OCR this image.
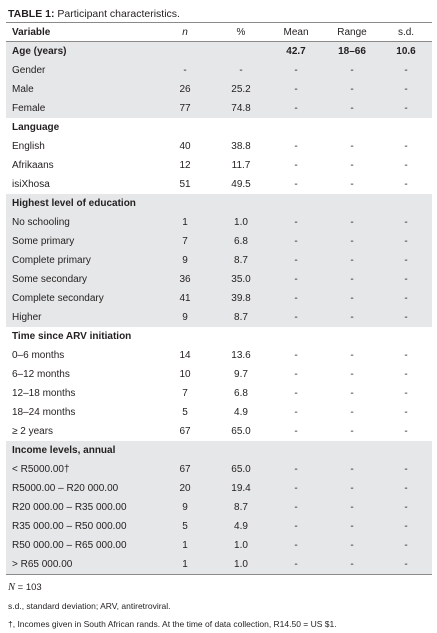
TABLE 1: Participant characteristics.
Variable	n	%	Mean	Range	s.d.
Age (years)			42.7	18–66	10.6
Gender	-	-	-	-	-
Male	26	25.2	-	-	-
Female	77	74.8	-	-	-
Language					
English	40	38.8	-	-	-
Afrikaans	12	11.7	-	-	-
isiXhosa	51	49.5	-	-	-
Highest level of education					
No schooling	1	1.0	-	-	-
Some primary	7	6.8	-	-	-
Complete primary	9	8.7	-	-	-
Some secondary	36	35.0	-	-	-
Complete secondary	41	39.8	-	-	-
Higher	9	8.7	-	-	-
Time since ARV initiation					
0–6 months	14	13.6	-	-	-
6–12 months	10	9.7	-	-	-
12–18 months	7	6.8	-	-	-
18–24 months	5	4.9	-	-	-
≥ 2 years	67	65.0	-	-	-
Income levels, annual					
< R5000.00†	67	65.0	-	-	-
R5000.00 – R20 000.00	20	19.4	-	-	-
R20 000.00 – R35 000.00	9	8.7	-	-	-
R35 000.00 – R50 000.00	5	4.9	-	-	-
R50 000.00 – R65 000.00	1	1.0	-	-	-
> R65 000.00	1	1.0	-	-	-
N = 103
s.d., standard deviation; ARV, antiretroviral.
†, Incomes given in South African rands. At the time of data collection, R14.50 = US $1.
